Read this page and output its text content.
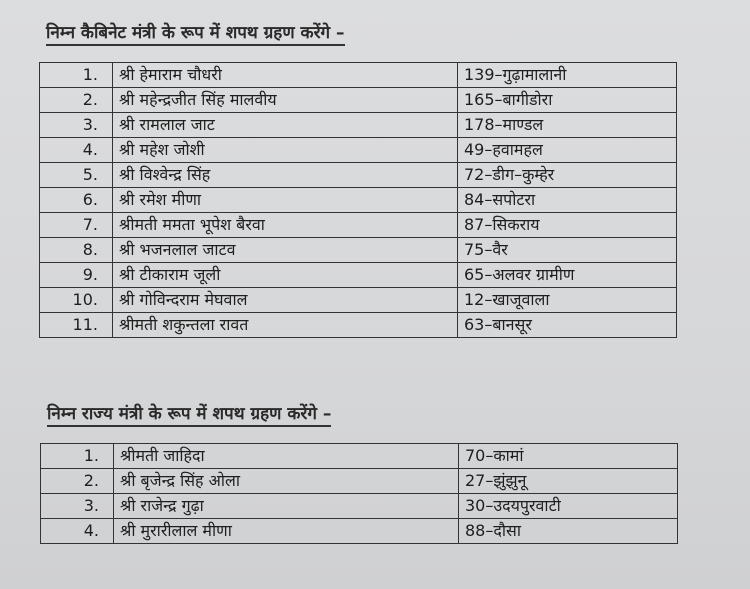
निम्न कैबिनेट मंत्री के रूप में शपथ ग्रहण करेंगे –
1.	श्री हेमाराम चौधरी	139–गुढ़ामालानी
2.	श्री महेन्द्रजीत सिंह मालवीय	165–बागीडोरा
3.	श्री रामलाल जाट	178–माण्डल
4.	श्री महेश जोशी	49–हवामहल
5.	श्री विश्वेन्द्र सिंह	72–डीग–कुम्हेर
6.	श्री रमेश मीणा	84–सपोटरा
7.	श्रीमती ममता भूपेश बैरवा	87–सिकराय
8.	श्री भजनलाल जाटव	75–वैर
9.	श्री टीकाराम जूली	65–अलवर ग्रामीण
10.	श्री गोविन्दराम मेघवाल	12–खाजूवाला
11.	श्रीमती शकुन्तला रावत	63–बानसूर
निम्न राज्य मंत्री के रूप में शपथ ग्रहण करेंगे –
1.	श्रीमती जाहिदा	70–कामां
2.	श्री बृजेन्द्र सिंह ओला	27–झुंझुनू
3.	श्री राजेन्द्र गुढ़ा	30–उदयपुरवाटी
4.	श्री मुरारीलाल मीणा	88–दौसा
